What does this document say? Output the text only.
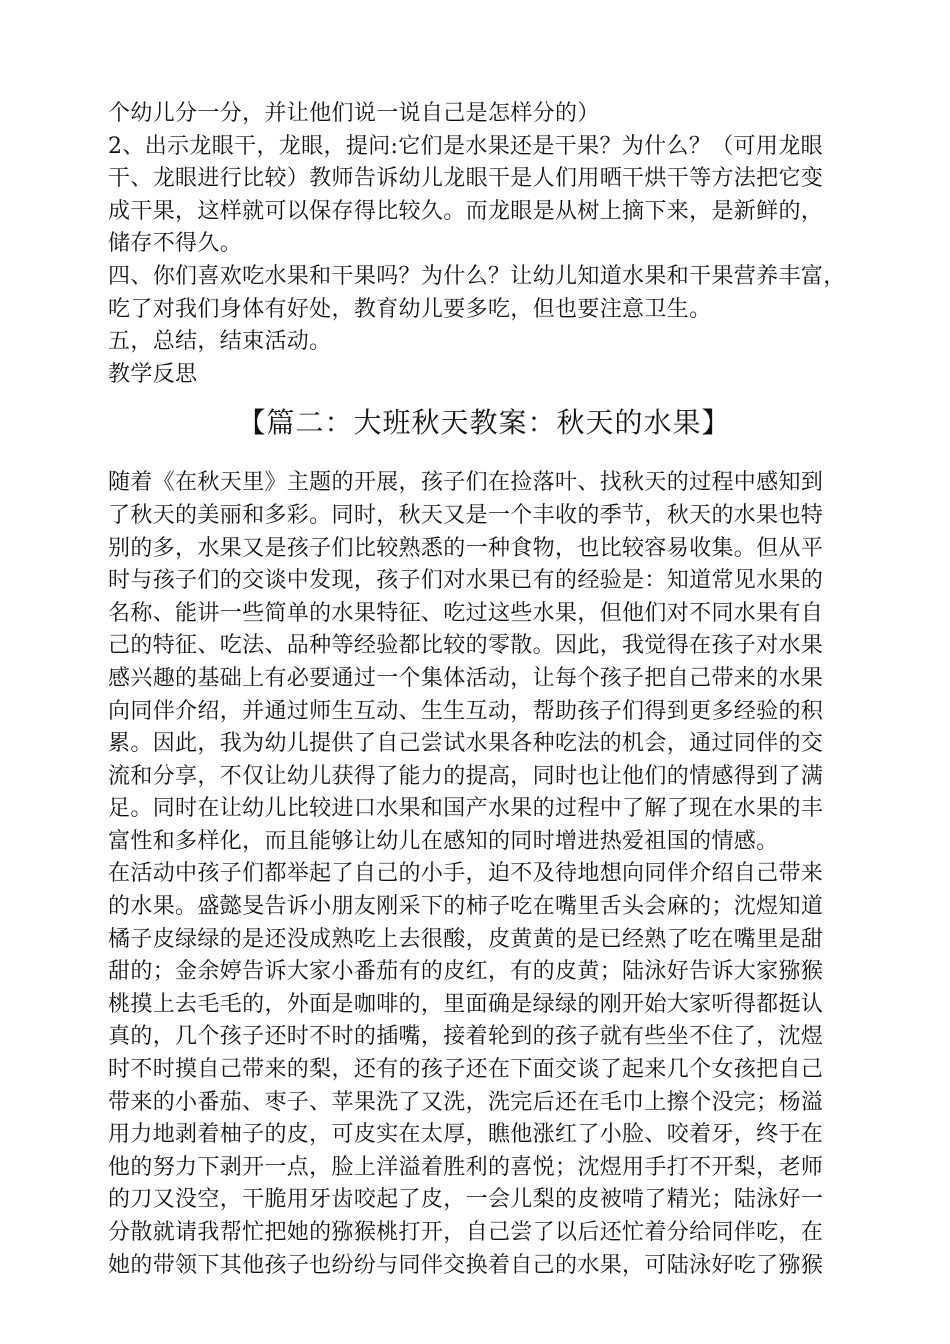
个幼儿分一分，并让他们说一说自己是怎样分的）
2、出示龙眼干，龙眼，提问:它们是水果还是干果？为什么？（可用龙眼
干、龙眼进行比较）教师告诉幼儿龙眼干是人们用晒干烘干等方法把它变
成干果，这样就可以保存得比较久。而龙眼是从树上摘下来，是新鲜的，
储存不得久。
四、你们喜欢吃水果和干果吗？为什么？让幼儿知道水果和干果营养丰富，
吃了对我们身体有好处，教育幼儿要多吃，但也要注意卫生。
五，总结，结束活动。
教学反思
【篇二：大班秋天教案：秋天的水果】
随着《在秋天里》主题的开展，孩子们在捡落叶、找秋天的过程中感知到
了秋天的美丽和多彩。同时，秋天又是一个丰收的季节，秋天的水果也特
别的多，水果又是孩子们比较熟悉的一种食物，也比较容易收集。但从平
时与孩子们的交谈中发现，孩子们对水果已有的经验是：知道常见水果的
名称、能讲一些简单的水果特征、吃过这些水果，但他们对不同水果有自
己的特征、吃法、品种等经验都比较的零散。因此，我觉得在孩子对水果
感兴趣的基础上有必要通过一个集体活动，让每个孩子把自己带来的水果
向同伴介绍，并通过师生互动、生生互动，帮助孩子们得到更多经验的积
累。因此，我为幼儿提供了自己尝试水果各种吃法的机会，通过同伴的交
流和分享，不仅让幼儿获得了能力的提高，同时也让他们的情感得到了满
足。同时在让幼儿比较进口水果和国产水果的过程中了解了现在水果的丰
富性和多样化，而且能够让幼儿在感知的同时增进热爱祖国的情感。
在活动中孩子们都举起了自己的小手，迫不及待地想向同伴介绍自己带来
的水果。盛懿旻告诉小朋友刚采下的柿子吃在嘴里舌头会麻的；沈煜知道
橘子皮绿绿的是还没成熟吃上去很酸，皮黄黄的是已经熟了吃在嘴里是甜
甜的；金余婷告诉大家小番茄有的皮红，有的皮黄；陆泳好告诉大家猕猴
桃摸上去毛毛的，外面是咖啡的，里面确是绿绿的刚开始大家听得都挺认
真的，几个孩子还时不时的插嘴，接着轮到的孩子就有些坐不住了，沈煜
时不时摸自己带来的梨，还有的孩子还在下面交谈了起来几个女孩把自己
带来的小番茄、枣子、苹果洗了又洗，洗完后还在毛巾上擦个没完；杨溢
用力地剥着柚子的皮，可皮实在太厚，瞧他涨红了小脸、咬着牙，终于在
他的努力下剥开一点，脸上洋溢着胜利的喜悦；沈煜用手打不开梨，老师
的刀又没空，干脆用牙齿咬起了皮，一会儿梨的皮被啃了精光；陆泳好一
分散就请我帮忙把她的猕猴桃打开，自己尝了以后还忙着分给同伴吃，在
她的带领下其他孩子也纷纷与同伴交换着自己的水果，可陆泳好吃了猕猴
